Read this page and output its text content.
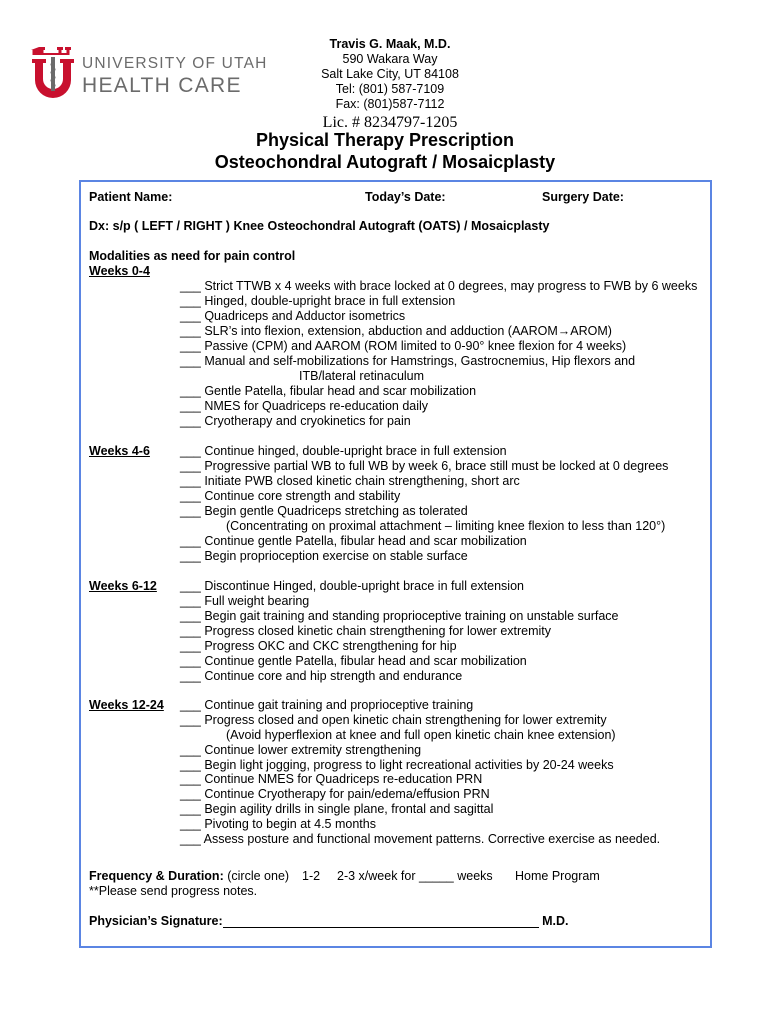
UNIVERSITY OF UTAH
HEALTH CARE
Travis G. Maak, M.D.
590 Wakara Way
Salt Lake City, UT 84108
Tel: (801) 587-7109
Fax: (801)587-7112
Lic. # 8234797-1205
Physical Therapy Prescription
Osteochondral Autograft / Mosaicplasty
Patient Name:	Today’s Date:	Surgery Date:
Dx: s/p ( LEFT / RIGHT ) Knee Osteochondral Autograft (OATS) / Mosaicplasty
Modalities as need for pain control
Weeks 0-4
___ Strict TTWB x 4 weeks with brace locked at 0 degrees, may progress to FWB by 6 weeks
___ Hinged, double-upright brace in full extension
___ Quadriceps and Adductor isometrics
___ SLR’s into flexion, extension, abduction and adduction (AAROM→AROM)
___ Passive (CPM) and AAROM (ROM limited to 0-90° knee flexion for 4 weeks)
___ Manual and self-mobilizations for Hamstrings, Gastrocnemius, Hip flexors and
ITB/lateral retinaculum
___ Gentle Patella, fibular head and scar mobilization
___ NMES for Quadriceps re-education daily
___ Cryotherapy and cryokinetics for pain
Weeks 4-6 ___ Continue hinged, double-upright brace in full extension
___ Progressive partial WB to full WB by week 6, brace still must be locked at 0 degrees
___ Initiate PWB closed kinetic chain strengthening, short arc
___ Continue core strength and stability
___ Begin gentle Quadriceps stretching as tolerated
(Concentrating on proximal attachment – limiting knee flexion to less than 120°)
___ Continue gentle Patella, fibular head and scar mobilization
___ Begin proprioception exercise on stable surface
Weeks 6-12 ___ Discontinue Hinged, double-upright brace in full extension
___ Full weight bearing
___ Begin gait training and standing proprioceptive training on unstable surface
___ Progress closed kinetic chain strengthening for lower extremity
___ Progress OKC and CKC strengthening for hip
___ Continue gentle Patella, fibular head and scar mobilization
___ Continue core and hip strength and endurance
Weeks 12-24 ___ Continue gait training and proprioceptive training
___ Progress closed and open kinetic chain strengthening for lower extremity
(Avoid hyperflexion at knee and full open kinetic chain knee extension)
___ Continue lower extremity strengthening
___ Begin light jogging, progress to light recreational activities by 20-24 weeks
___ Continue NMES for Quadriceps re-education PRN
___ Continue Cryotherapy for pain/edema/effusion PRN
___ Begin agility drills in single plane, frontal and sagittal
___ Pivoting to begin at 4.5 months
___ Assess posture and functional movement patterns. Corrective exercise as needed.
Frequency & Duration: (circle one) 1-2 2-3 x/week for _____ weeks Home Program
**Please send progress notes.
Physician’s Signature:	M.D.
